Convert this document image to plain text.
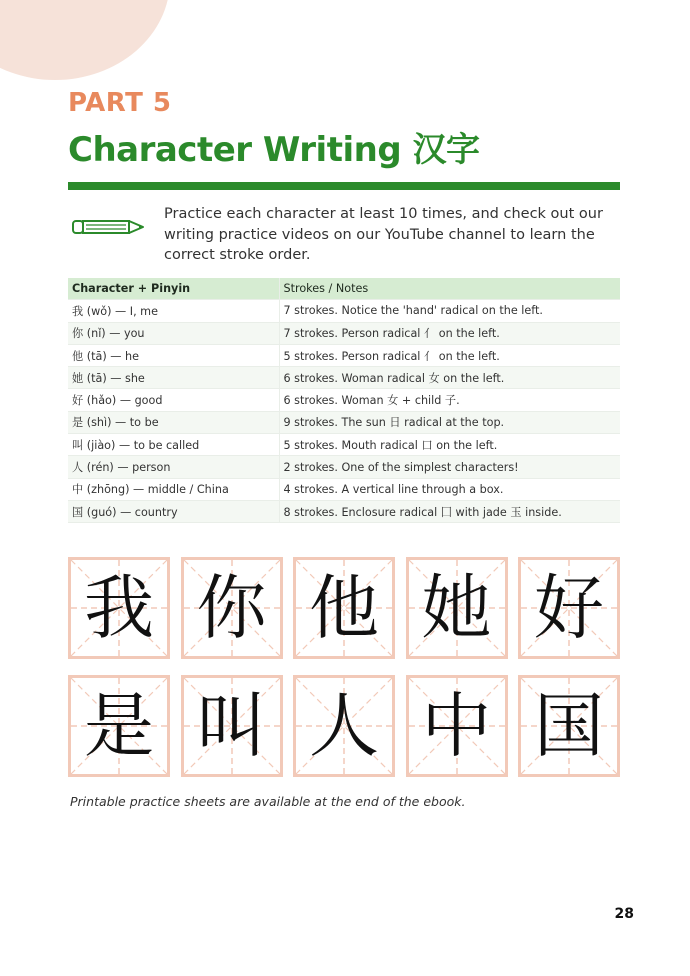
PART 5
Character Writing 汉字
Practice each character at least 10 times, and check out our writing practice videos on our YouTube channel to learn the correct stroke order.
Character + Pinyin	Strokes / Notes
我 (wǒ) — I, me	7 strokes. Notice the 'hand' radical on the left.
你 (nǐ) — you	7 strokes. Person radical 亻 on the left.
他 (tā) — he	5 strokes. Person radical 亻 on the left.
她 (tā) — she	6 strokes. Woman radical 女 on the left.
好 (hǎo) — good	6 strokes. Woman 女 + child 子.
是 (shì) — to be	9 strokes. The sun 日 radical at the top.
叫 (jiào) — to be called	5 strokes. Mouth radical 口 on the left.
人 (rén) — person	2 strokes. One of the simplest characters!
中 (zhōng) — middle / China	4 strokes. A vertical line through a box.
国 (guó) — country	8 strokes. Enclosure radical 囗 with jade 玉 inside.
我 你 他 她 好
是 叫 人 中 国
Printable practice sheets are available at the end of the ebook.
28
